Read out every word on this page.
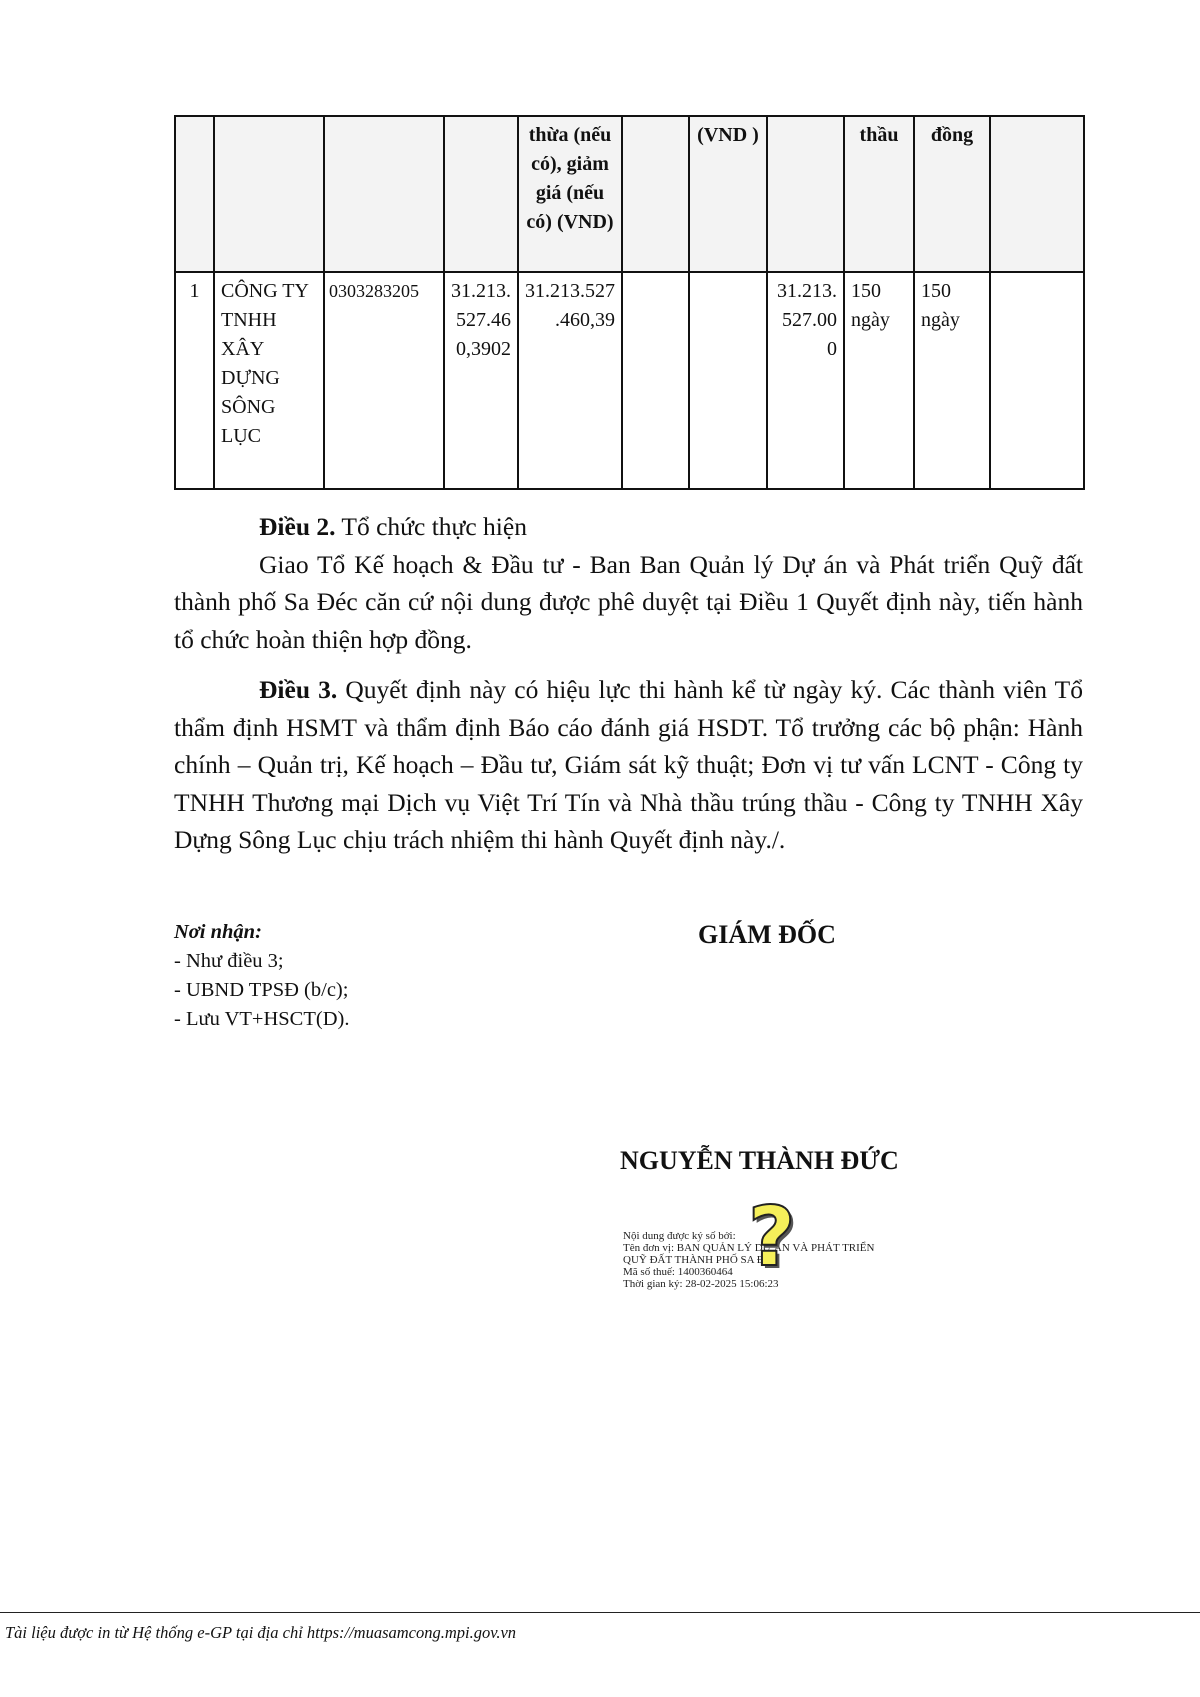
				thừa (nếu có), giảm giá (nếu có) (VND)		(VND )		thầu	đồng	
1	CÔNG TY TNHH XÂY DỰNG SÔNG LỤC	0303283205	31.213.527.460,3902	31.213.527.460,39			31.213.527.000	150 ngày	150 ngày	
Điều 2. Tổ chức thực hiện
Giao Tổ Kế hoạch & Đầu tư - Ban Ban Quản lý Dự án và Phát triển Quỹ đất thành phố Sa Đéc căn cứ nội dung được phê duyệt tại Điều 1 Quyết định này, tiến hành tổ chức hoàn thiện hợp đồng.
Điều 3. Quyết định này có hiệu lực thi hành kể từ ngày ký. Các thành viên Tổ thẩm định HSMT và thẩm định Báo cáo đánh giá HSDT. Tổ trưởng các bộ phận: Hành chính – Quản trị, Kế hoạch – Đầu tư, Giám sát kỹ thuật; Đơn vị tư vấn LCNT - Công ty TNHH Thương mại Dịch vụ Việt Trí Tín và Nhà thầu trúng thầu - Công ty TNHH Xây Dựng Sông Lục chịu trách nhiệm thi hành Quyết định này./.
Nơi nhận:
- Như điều 3;
- UBND TPSĐ (b/c);
- Lưu VT+HSCT(D).
GIÁM ĐỐC
NGUYỄN THÀNH ĐỨC
Nội dung được ký số bởi:
Tên đơn vị: BAN QUẢN LÝ DỰ ÁN VÀ PHÁT TRIỂN
QUỸ ĐẤT THÀNH PHỐ SA ĐÉC
Mã số thuế: 1400360464
Thời gian ký: 28-02-2025 15:06:23
?
Tài liệu được in từ Hệ thống e-GP tại địa chỉ https://muasamcong.mpi.gov.vn
